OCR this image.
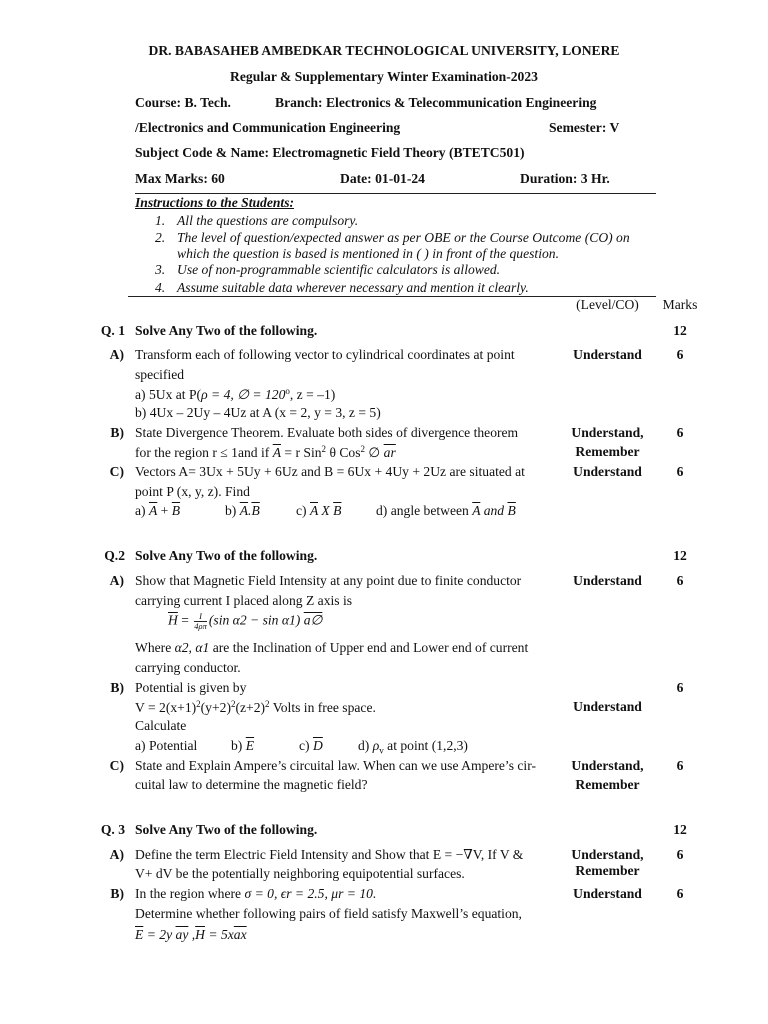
DR. BABASAHEB AMBEDKAR TECHNOLOGICAL UNIVERSITY, LONERE
Regular & Supplementary Winter Examination-2023
Course: B. Tech.	Branch: Electronics & Telecommunication Engineering
/Electronics and Communication Engineering	Semester: V
Subject Code & Name: Electromagnetic Field Theory (BTETC501)
Max Marks: 60	Date: 01-01-24	Duration: 3 Hr.
Instructions to the Students:
1. All the questions are compulsory.
2. The level of question/expected answer as per OBE or the Course Outcome (CO) on
which the question is based is mentioned in ( ) in front of the question.
3. Use of non-programmable scientific calculators is allowed.
4. Assume suitable data wherever necessary and mention it clearly.
(Level/CO)	Marks
Q. 1 Solve Any Two of the following.	12
A) Transform each of following vector to cylindrical coordinates at point
specified
a) 5Ux at P(ρ = 4, ∅ = $120^o$, z = –1)
b) 4Ux – 2Uy – 4Uz at A (x = 2, y = 3, z = 5)
Understand	6
B) State Divergence Theorem. Evaluate both sides of divergence theorem
for the region r ≤ 1and if $\overline{A} = r$ Sin$^2$ θ Cos$^2$ ∅ $\overline{ar}$
Understand,
Remember
6
C) Vectors A= 3Ux + 5Uy + 6Uz and B = 6Ux + 4Uy + 2Uz are situated at
point P (x, y, z). Find
a) $\overline{A} + \overline{B}$	b) $\overline{A}.\overline{B}$	c) $\overline{A}$ X $\overline{B}$	d) angle between $\overline{A}$ and $\overline{B}$
Understand	6
Q.2 Solve Any Two of the following.	12
A) Show that Magnetic Field Intensity at any point due to finite conductor
carrying current I placed along Z axis is
$\overline{H} = \frac{I}{4\rho\pi} (\sin$ α2 − sin α1) a∅
Where α2, α1 are the Inclination of Upper end and Lower end of current
carrying conductor.
Understand	6
B) Potential is given by
$V = 2(x+1)^2(y+2)^2(z+2)^2$ Volts in free space.
Calculate
a) Potential b) $\overline{E}$	c) $\overline{D}$	d) $\rho_v$ at point (1,2,3)
Understand
6
C) State and Explain Ampere’s circuital law. When can we use Ampere’s cir-
cuital law to determine the magnetic field?
Understand,
Remember
6
Q. 3 Solve Any Two of the following.	12
A) Define the term Electric Field Intensity and Show that E = −∇V, If V &
V+ dV be the potentially neighboring equipotential surfaces.
Understand,
Remember
6
B) In the region where σ = 0, ϵr = 2.5, μr = 10.
Determine whether following pairs of field satisfy Maxwell’s equation,
$\overline{E} = 2y$ $\overline{ay}$ $,\overline{H} = 5x\overline{ax}$
Understand	6
